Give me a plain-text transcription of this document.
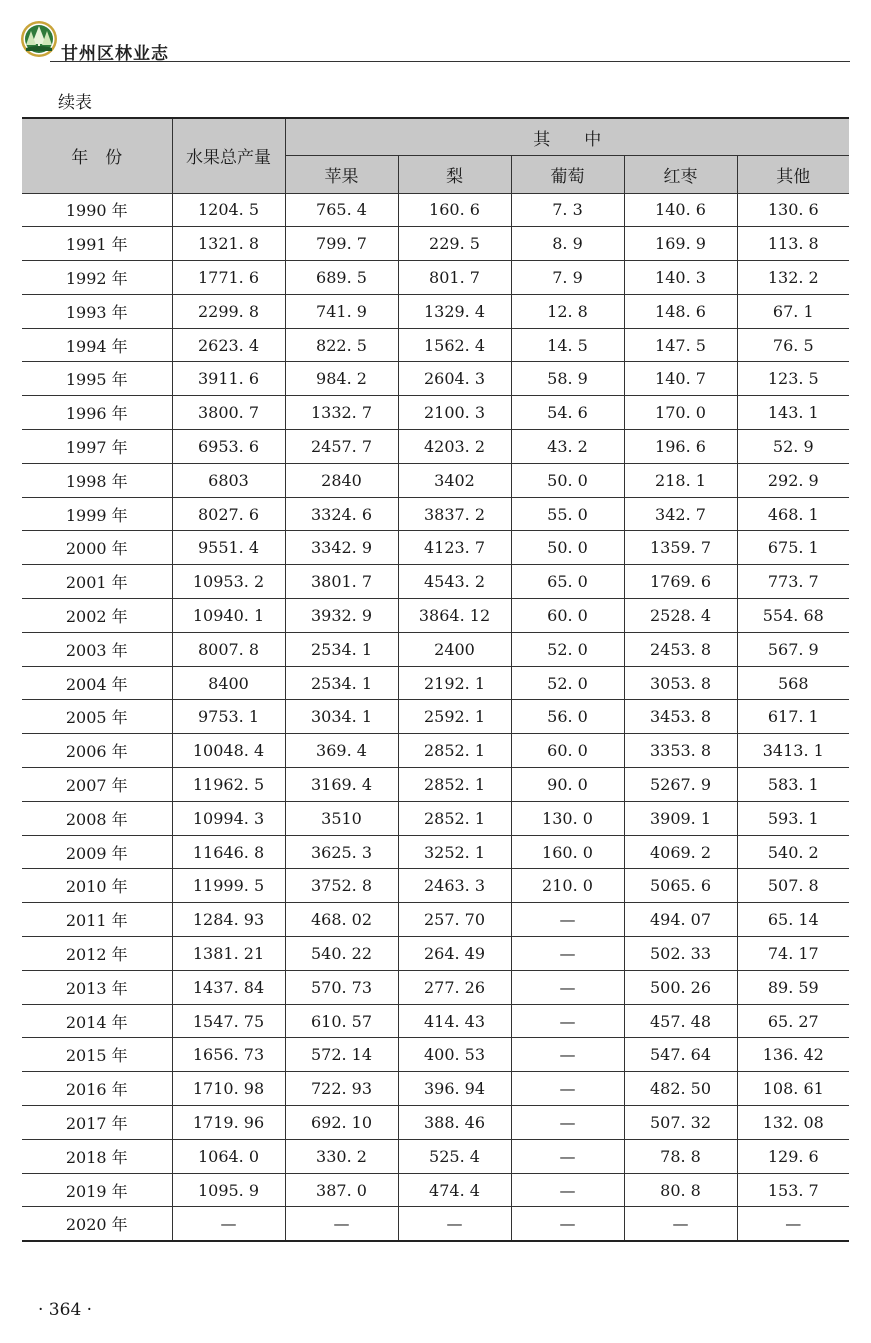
甘州区林业志
续表
年　份	水果总产量	其　　中				
		苹果	梨	葡萄	红枣	其他
1990 年	1204. 5	765. 4	160. 6	7. 3	140. 6	130. 6
1991 年	1321. 8	799. 7	229. 5	8. 9	169. 9	113. 8
1992 年	1771. 6	689. 5	801. 7	7. 9	140. 3	132. 2
1993 年	2299. 8	741. 9	1329. 4	12. 8	148. 6	67. 1
1994 年	2623. 4	822. 5	1562. 4	14. 5	147. 5	76. 5
1995 年	3911. 6	984. 2	2604. 3	58. 9	140. 7	123. 5
1996 年	3800. 7	1332. 7	2100. 3	54. 6	170. 0	143. 1
1997 年	6953. 6	2457. 7	4203. 2	43. 2	196. 6	52. 9
1998 年	6803	2840	3402	50. 0	218. 1	292. 9
1999 年	8027. 6	3324. 6	3837. 2	55. 0	342. 7	468. 1
2000 年	9551. 4	3342. 9	4123. 7	50. 0	1359. 7	675. 1
2001 年	10953. 2	3801. 7	4543. 2	65. 0	1769. 6	773. 7
2002 年	10940. 1	3932. 9	3864. 12	60. 0	2528. 4	554. 68
2003 年	8007. 8	2534. 1	2400	52. 0	2453. 8	567. 9
2004 年	8400	2534. 1	2192. 1	52. 0	3053. 8	568
2005 年	9753. 1	3034. 1	2592. 1	56. 0	3453. 8	617. 1
2006 年	10048. 4	369. 4	2852. 1	60. 0	3353. 8	3413. 1
2007 年	11962. 5	3169. 4	2852. 1	90. 0	5267. 9	583. 1
2008 年	10994. 3	3510	2852. 1	130. 0	3909. 1	593. 1
2009 年	11646. 8	3625. 3	3252. 1	160. 0	4069. 2	540. 2
2010 年	11999. 5	3752. 8	2463. 3	210. 0	5065. 6	507. 8
2011 年	1284. 93	468. 02	257. 70	—	494. 07	65. 14
2012 年	1381. 21	540. 22	264. 49	—	502. 33	74. 17
2013 年	1437. 84	570. 73	277. 26	—	500. 26	89. 59
2014 年	1547. 75	610. 57	414. 43	—	457. 48	65. 27
2015 年	1656. 73	572. 14	400. 53	—	547. 64	136. 42
2016 年	1710. 98	722. 93	396. 94	—	482. 50	108. 61
2017 年	1719. 96	692. 10	388. 46	—	507. 32	132. 08
2018 年	1064. 0	330. 2	525. 4	—	78. 8	129. 6
2019 年	1095. 9	387. 0	474. 4	—	80. 8	153. 7
2020 年	—	—	—	—	—	—
· 364 ·
